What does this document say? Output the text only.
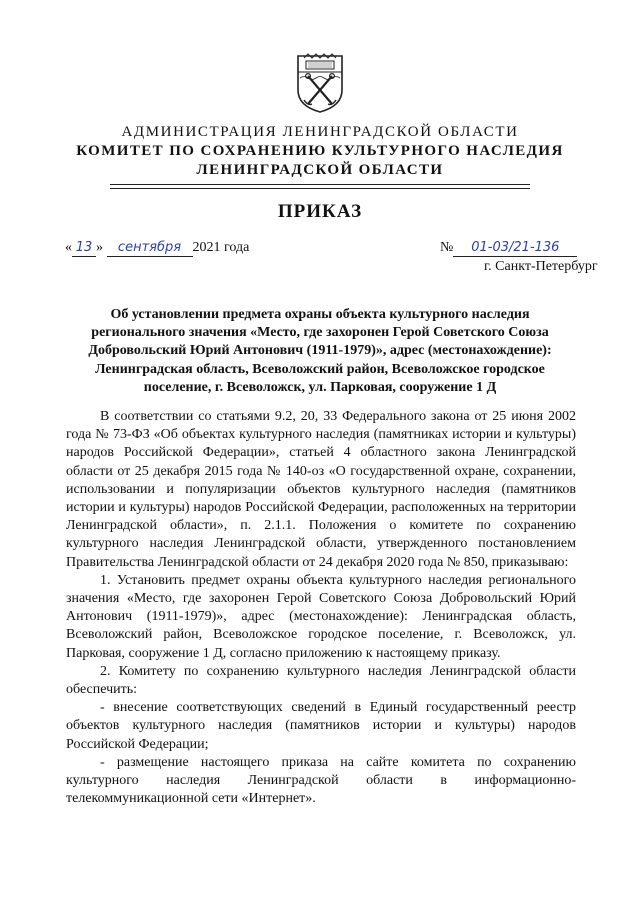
АДМИНИСТРАЦИЯ ЛЕНИНГРАДСКОЙ ОБЛАСТИ
КОМИТЕТ ПО СОХРАНЕНИЮ КУЛЬТУРНОГО НАСЛЕДИЯ
ЛЕНИНГРАДСКОЙ ОБЛАСТИ
ПРИКАЗ
« 13 » сентября 2021 года	№ 01-03/21-136
г. Санкт-Петербург
Об установлении предмета охраны объекта культурного наследия регионального значения «Место, где захоронен Герой Советского Союза Добровольский Юрий Антонович (1911-1979)», адрес (местонахождение): Ленинградская область, Всеволожский район, Всеволожское городское поселение, г. Всеволожск, ул. Парковая, сооружение 1 Д

В соответствии со статьями 9.2, 20, 33 Федерального закона от 25 июня 2002 года № 73-ФЗ «Об объектах культурного наследия (памятниках истории и культуры) народов Российской Федерации», статьей 4 областного закона Ленинградской области от 25 декабря 2015 года № 140-оз «О государственной охране, сохранении, использовании и популяризации объектов культурного наследия (памятников истории и культуры) народов Российской Федерации, расположенных на территории Ленинградской области», п. 2.1.1. Положения о комитете по сохранению культурного наследия Ленинградской области, утвержденного постановлением Правительства Ленинградской области от 24 декабря 2020 года № 850, приказываю:

1. Установить предмет охраны объекта культурного наследия регионального значения «Место, где захоронен Герой Советского Союза Добровольский Юрий Антонович (1911-1979)», адрес (местонахождение): Ленинградская область, Всеволожский район, Всеволожское городское поселение, г. Всеволожск, ул. Парковая, сооружение 1 Д, согласно приложению к настоящему приказу.

2. Комитету по сохранению культурного наследия Ленинградской области обеспечить:

- внесение соответствующих сведений в Единый государственный реестр объектов культурного наследия (памятников истории и культуры) народов Российской Федерации;

- размещение настоящего приказа на сайте комитета по сохранению культурного наследия Ленинградской области в информационно-телекоммуникационной сети «Интернет».
